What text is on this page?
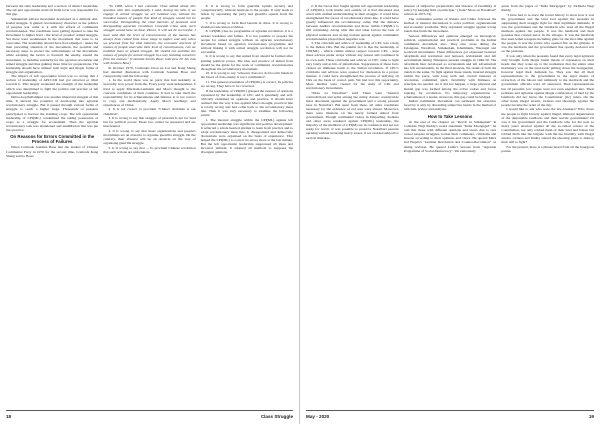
between the state leadership and a section of district leadership. The ref-and opportunist trend all India level was responsible for this gap.

Srikakulam adivasi movement developed as a militant anti-feudal struggle. It gained revolutionary character as the politics of peoples war came to it with the efforts of communist revolutionaries. The conditions were getting ripened to take the movement to higher level - the level of peoples' armed struggle. Yet there were weaknesses in the movement that were to be overcome. The leadership should have had adjudged - under the then prevailing situation of the movement, the possible and necessary steps to protect the achievements of the movement, while adopting the tactics to forestall the enemy, extend the movement, to mobilise solidarity for the agrarian revolution and armed struggle and thus gaining more time for preparations. The leadership should have utilised both legal and illegal forms of struggle and organisation.

The impact of left opportunist trend was so strong that a section of leadership of APCCCR had got attracted or tilted towards it. This largely weakened the strength of the leadership which was determined to fight the politics and practice of left opportunist leadership.

Debra-Gopiballabhpur was another important struggle of that time. It showed the potential of developing into agrarian revolutionary struggle. But it passed through various forms of struggle to reach a higher stage. Thousands of peasants participated to harvest the standing crops. The left opportunist leadership of CPI(ML) condemned the taking possession of crops as a struggle for economism. Then the agrarian revolutionary task was abandoned and annihilation line was put into practice.

On Reasons for Errors Committed in the Process of Failures

When Comrade Soumen Bose met the leaders of Chinese Communist Party in 1970 for the second time, Comrade Kang Sheng said to Bose:

"In 1968, when I met comrade Chou talked about this question with him emphatically. I said, during the talk, if we engage in armed struggle we are isolated way, without the broadest masses of people this kind of struggle would not be successful. Disregarding the vital interests of peasants and disregarding agrarian revolution Comrade Chou said, such struggle would have no base. Hence, it will not be successful. I have said that the level of consciousness of the masses has always been raised from lower stage to higher, and only when we proceed from the vital interests, the economic interests of masses of people and raise their level of consciousness, can we mobilize them to armed struggle. We should not mobilise the masses of people for armed struggle in a way isolating ourselves from the masses." (Comrade Sourin Bose, interview Dr Lin Lok with Soumen Bose)

In October 1970, Comrades Chou en Lai and Kang Sheng had detailed discussion with Comrade Soumen Bose and categorically said the following:

1. In the world there was no party that had suddenly or upwardly won power from the, Every party went independent, it tried to apply Marxism-Leninism and Mao's thought to the concrete conditions of their countries. It had to take itself the responsibility for its achievements and failures. It is not correct to copy one mechanically. Apply Mao's teachings and experiences of China.

2. It is not correct to proclaim "China's chairman is our chairman".

3. It is wrong to say that struggle of peasants is not for land but for political power. These two cannot be separated and are interrelated.

4. It is wrong to say that mass organisations and people's movements are an obstacle to organize guerrilla struggle. On the contrary, their absence will be an obstacle on the way of organising guerrilla struggle.

5. It is wrong to say that ... To proclaim Chinese revolution that such actions are unfortunate.

6. It is wrong to form guerrilla squads secretly and conspiratorially, without relations to the people. It only leads to defeat by separating the party and guerrilla squads from the people.

7. It is wrong to form Red Guards in cities. It is wrong to abandon trade union activities.

8. CPI(ML) has no programme of agrarian revolution. It is a serious weakness and failure. It is not possible to prepare the people for armed struggle without an agrarian revolutionary movement based on agrarian revolutionary programme and without linking it with armed struggle revolution will not be successful.

9. It is wrong to say that united front should be formed after gaining political power. The idea and practice of united front should be the guide for the work of communist revolutionaries throughout the revolutionary movement.

10. It is wrong to say "whoever does not do blood in hands in the blood of class enemy is not a communist".

11. The general orientation of CPI(ML) is correct, its policies are wrong. They have to be corrected.

If the leadership of CPI(ML) grasped the essence of opinions expressed by the leadership of CPC and it genuinely and self-critically examined its opinions and practice, it should have realised that the way it has applied Mao's thought, practical line is totally wrong and had come back to the revolutionary mass line. Then it was very necessary to examine the following points:

1. The internal struggle within the CPI(ML) against left opportunist leadership was significant and positive development. It reflected a whole hearted attempt to learn from practice and to adopt revolutionary mass line. It disappointed and democratic discussions were organised on the basis of experience. That helped the CPI(ML) to correct its errors more at the last minute. But the left opportunist leadership suppressed all ideas and incorrect attitude. It adopted all methods to suppress the divergent opinions.

18	Class Struggle

2. If the forces that fought against left opportunist leadership of CPI(ML), both inside and outside of it had discussed and acted with unified understanding in their struggle, it could have strengthened the forces of revolutionary mass line. It could have greatly influenced the revolutionary camp. But the distance between Andhra revolutionaries and those within CPI(ML) is still continuing. Along with this and other factors the lack of physical relations and wrong notions spread against communist revolutionaries played their negative role.

3. The criticism and advice of leadership of CPC was a help to the Indian CRs. But the painful fact is that the leadership of CPI(ML) - which claims utmost respect towards CPC - kept these advices under wraps without any reason and continued in its own path. These criticisms and advices of CPC came to light very lately and as bits of information. Suppression of these facts caused an immense harm to the Indian revolution. If CPC's criticisms and advices were opened for discussion in a proper manner, it could have strengthened the process of unifying all CRs on the basis of correct path. We had lost this opportunity. More hurdles were created for the unity of CRs and revolutionary movements.

"More on Naxalbari" said: There were "internal contradictions and splits among the ruling classes; countrywide mass discontent against the government and a strong peasant base in Naxalbari. But apart from these, all other conditions necessary for the existence of red area were absent. Moreover, there were illusions on the newly formed united front government. Though communist cadres in Darjeeling, Kolkata and other areas rendered against CPI(ML) leadership, the majority of the members of CPI(M) are in confusion and are not ready for revolt. It was possible to preserve Naxalbari peasant uprising without incurring heavy losses, if we avoided subjective tactical mistakes,

absence of subjective preparations and absence of flexibility in policy by keeping firm on principle." (from "More on Naxalbari" written in 1973-74)

The communist parties of Russia and China followed the method of internal discussions to solve political, organisational and economic problems. They organised struggle against wrong trends that harm the movement.

Serious differences and opinions emerged on ideological, political, organisational and practical problems in the Indian communist movement also. They also arose during the Telangana, Naxalbari, Srikakulam, Khammam, Warangal and Godavari movements. These differences got expressed between reformism and revolution and between revisionism and left sectarianism during Telangana peasant struggle in 1946-50. The reformism later developed as revisionism and left adventurism into left sectarianism. In the final analysis, the result of both the trends is the same. To fight against these trends, internal struggle within the party, with long term and overall interests of revolution, committed spirit, flexibility with firmness on principle are needed. As it did not happen, a large physical and mental gap was formed among the active cadres and forces aspiring for revolution. No temporary organisations or achievement of a leader, moreover, this gap could be bridged.

Indian communist movement can surmount the obstacles faced by it only by discarding subjective trends in the method of criticism, review and analysis.

How to Take Lessons

At the end of the chapter on "Revolt in Srikakulam" in Comrade Nagi Reddy's noted statement "India Mortgaged", he said that those with different opinions and views due to sure rooted peoples struggles, notion their comments, criticisms and lessons according to their opinions and views. He quoted Marx and Engels's "German Revolution and Counter-Revolution" on taking revision. He quoted Lenin's lessons from "Agrarian Programme of Social-Democracy". We elaborately

quote from the pages of "India Mortgaged" by Tarimela Nagi Reddy.

"I have had to re-trace the recent history to show how it was the government and the land lord against the peasants in suppressing their struggle fight for their legitimate demands. It was the government and the landlords who used all the illegal methods against the people. It was the landlords and their goondas that created terror in the villages. It was the landlords that used lethal weapons including guns for the first time against the people. It was the police who opened fire on the girijans. It was the landlords and the government that openly declared war on the peasants.

It was only when the peasants found that every legal agitation only brought forth illegal brutal means of repression on their heads that they woke up to the realisation that the entire state machinery was on the land-lords' pulling down the bourgeoisie, however legal their demands be. They saw that all their representations to the government in the legal means of extraction of the labour and ruthlessly to the landlords and the government officials were all answered. Their representations but all peaceful, low wages were not even enquired into. Their petitions and agitation against illegal confiscation of land by the landlords did not move the Constitution' (sic) rulers. On the other hand, illegal arrests, tortures and shootings against the people became the order of the day.

I would like to ask who were the law-breakers? Who drove the people to fight bravely against illegal, immoral degeneration of the dispossible landlords and their servile government? Or was it the government and the landlords who for the past so many years enacted against all the so-called canons of the Constitution, not only robbed them of their land and labour but robbed them like the brigade with the the brutality with illegal arrests, tortures and finally started the shooting game to destroy their will to fight?

For the present, there is a phrase heard from all the bourgeois parties

May - 2020	19
